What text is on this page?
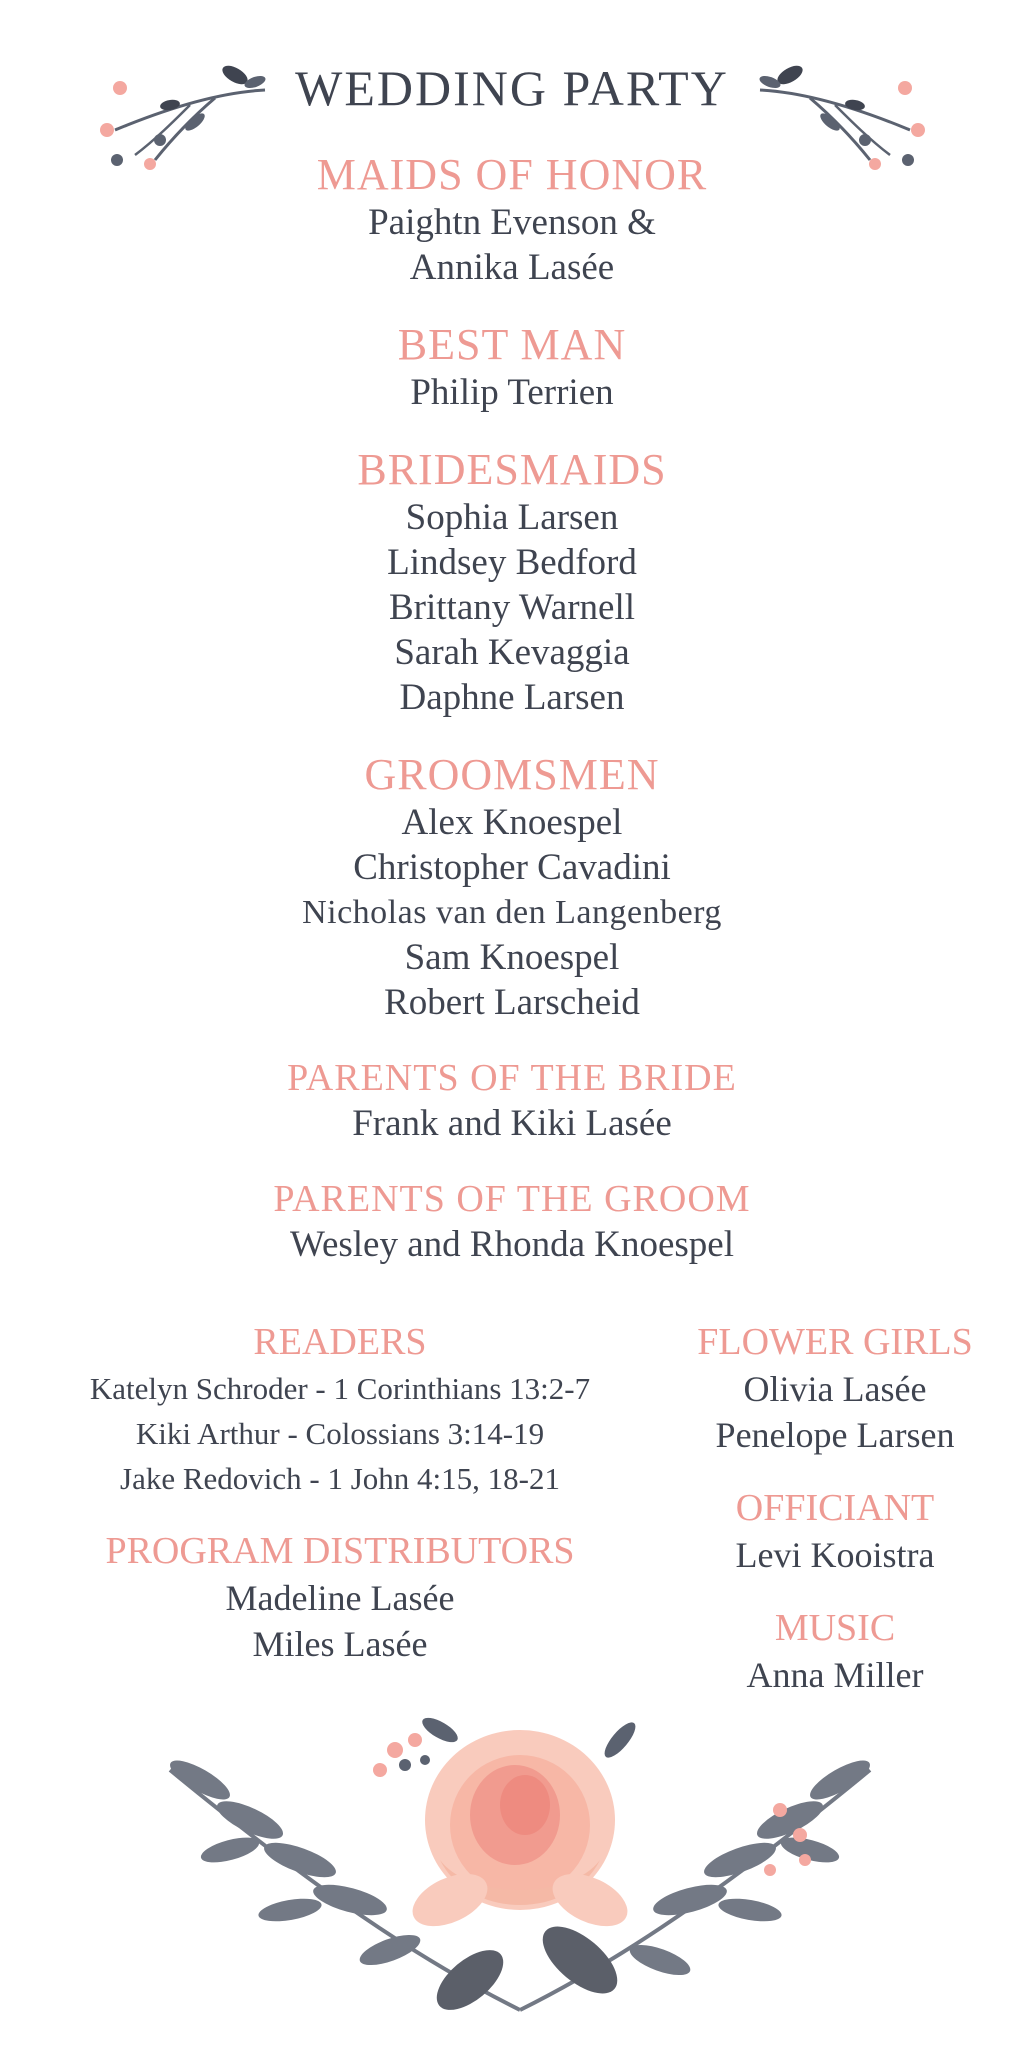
WEDDING PARTY
MAIDS OF HONOR
Paightn Evenson &
Annika Lasée
BEST MAN
Philip Terrien
BRIDESMAIDS
Sophia Larsen
Lindsey Bedford
Brittany Warnell
Sarah Kevaggia
Daphne Larsen
GROOMSMEN
Alex Knoespel
Christopher Cavadini
Nicholas van den Langenberg
Sam Knoespel
Robert Larscheid
PARENTS OF THE BRIDE
Frank and Kiki Lasée
PARENTS OF THE GROOM
Wesley and Rhonda Knoespel
READERS
Katelyn Schroder - 1 Corinthians 13:2-7
Kiki Arthur - Colossians 3:14-19
Jake Redovich - 1 John 4:15, 18-21
PROGRAM DISTRIBUTORS
Madeline Lasée
Miles Lasée
FLOWER GIRLS
Olivia Lasée
Penelope Larsen
OFFICIANT
Levi Kooistra
MUSIC
Anna Miller
